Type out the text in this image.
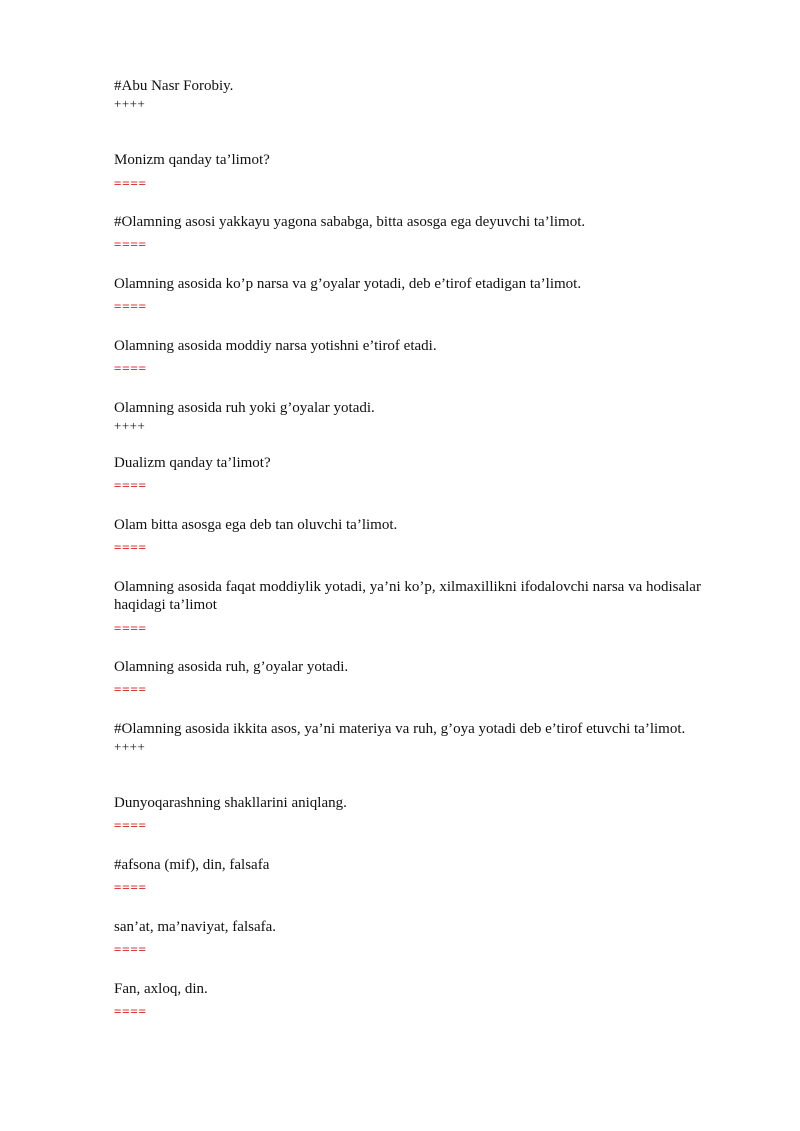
#Abu Nasr Forobiy.
++++
Monizm qanday ta’limot?
====
#Olamning asosi yakkayu yagona sababga, bitta asosga ega deyuvchi ta’limot.
====
Olamning asosida ko’p narsa va g’oyalar yotadi, deb e’tirof etadigan ta’limot.
====
Olamning asosida moddiy narsa yotishni e’tirof etadi.
====
Olamning asosida ruh yoki g’oyalar yotadi.
++++
Dualizm qanday ta’limot?
====
Olam bitta asosga ega deb tan oluvchi ta’limot.
====
Olamning asosida faqat moddiylik yotadi, ya’ni ko’p, xilmaxillikni ifodalovchi narsa va hodisalar haqidagi ta’limot
====
Olamning asosida ruh, g’oyalar yotadi.
====
#Olamning asosida ikkita asos, ya’ni materiya va ruh, g’oya yotadi deb e’tirof etuvchi ta’limot.
++++
Dunyoqarashning shakllarini aniqlang.
====
#afsona (mif), din, falsafa
====
san’at, ma’naviyat, falsafa.
====
Fan, axloq, din.
====
